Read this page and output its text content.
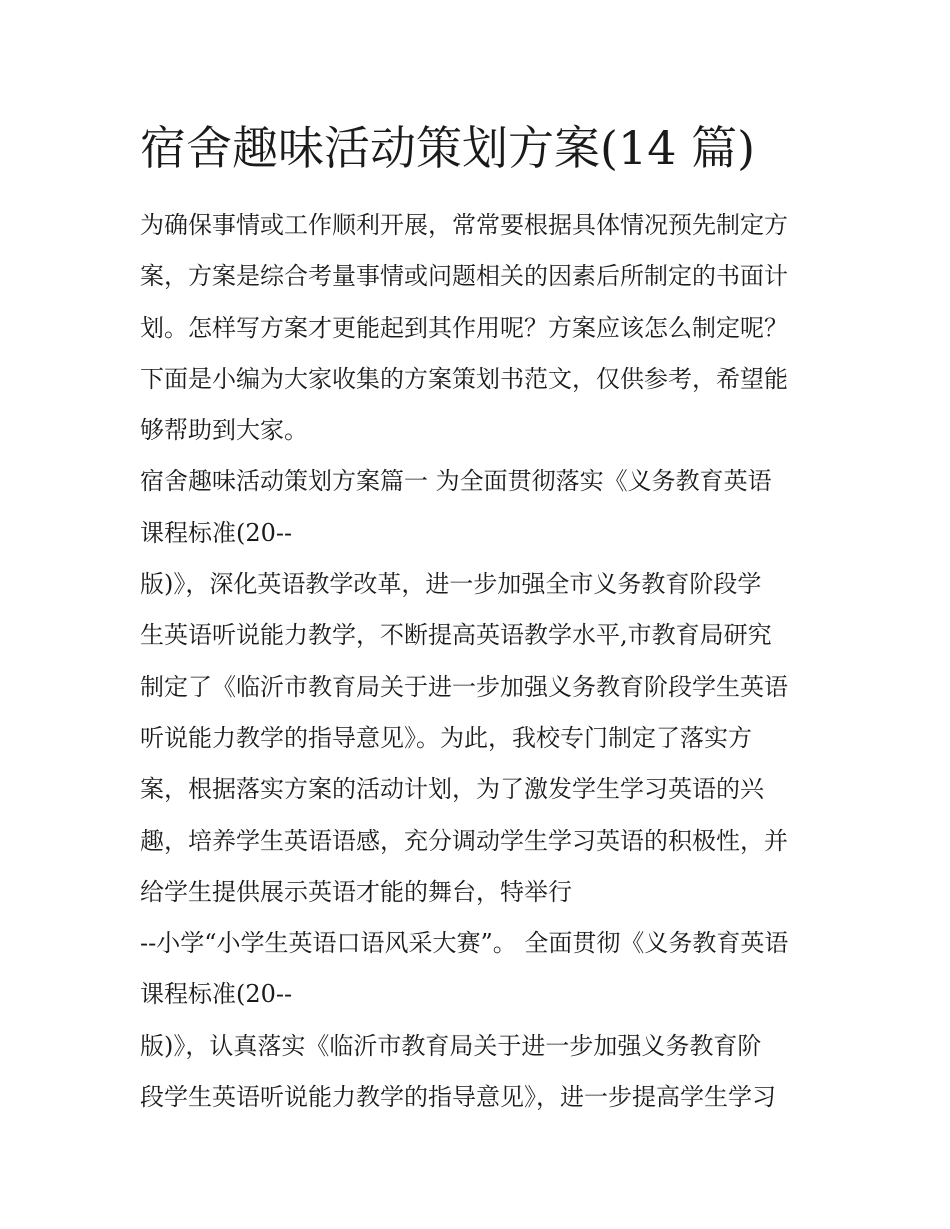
宿舍趣味活动策划方案(14 篇)
为确保事情或工作顺利开展，常常要根据具体情况预先制定方
案，方案是综合考量事情或问题相关的因素后所制定的书面计
划。怎样写方案才更能起到其作用呢？方案应该怎么制定呢？
下面是小编为大家收集的方案策划书范文，仅供参考，希望能
够帮助到大家。
宿舍趣味活动策划方案篇一 为全面贯彻落实《义务教育英语
课程标准(20--
版)》，深化英语教学改革，进一步加强全市义务教育阶段学
生英语听说能力教学，不断提高英语教学水平,市教育局研究
制定了《临沂市教育局关于进一步加强义务教育阶段学生英语
听说能力教学的指导意见》。为此，我校专门制定了落实方
案，根据落实方案的活动计划，为了激发学生学习英语的兴
趣，培养学生英语语感，充分调动学生学习英语的积极性，并
给学生提供展示英语才能的舞台，特举行
--小学“小学生英语口语风采大赛”。 全面贯彻《义务教育英语
课程标准(20--
版)》，认真落实《临沂市教育局关于进一步加强义务教育阶
段学生英语听说能力教学的指导意见》，进一步提高学生学习
